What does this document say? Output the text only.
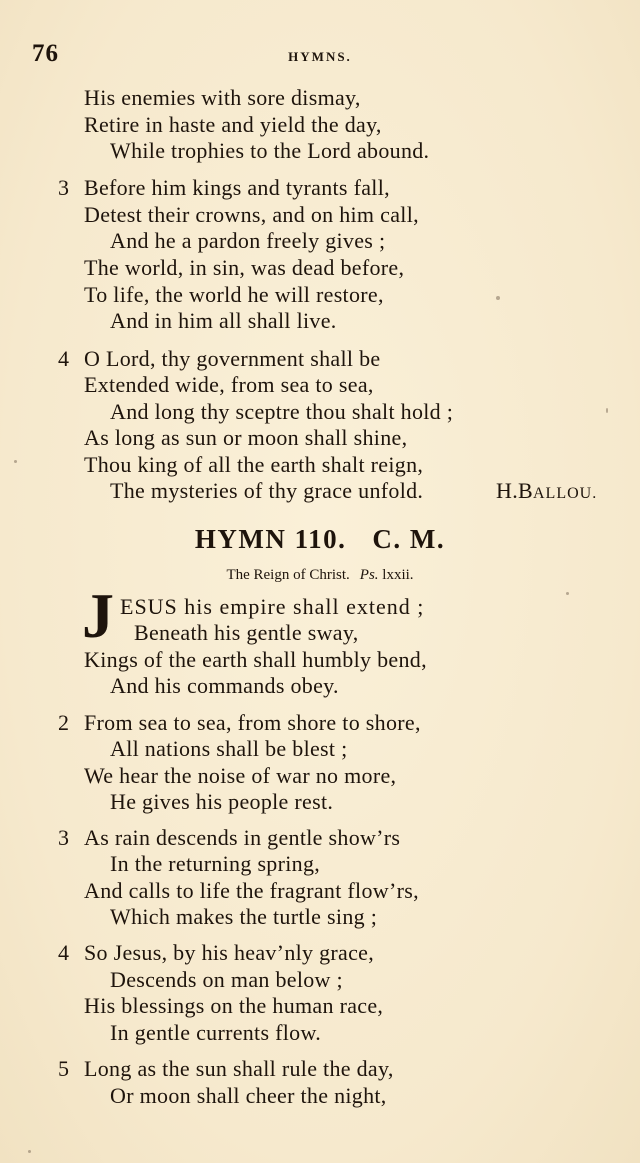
76	HYMNS.
His enemies with sore dismay,
Retire in haste and yield the day,
While trophies to the Lord abound.
3 Before him kings and tyrants fall,
Detest their crowns, and on him call,
And he a pardon freely gives ;
The world, in sin, was dead before,
To life, the world he will restore,
And in him all shall live.
4 O Lord, thy government shall be
Extended wide, from sea to sea,
And long thy sceptre thou shalt hold ;
As long as sun or moon shall shine,
Thou king of all the earth shalt reign,
The mysteries of thy grace unfold.	H.BALLOU.
HYMN 110. C. M.
The Reign of Christ. Ps. lxxii.
J ESUS his empire shall extend ;
Beneath his gentle sway,
Kings of the earth shall humbly bend,
And his commands obey.
2 From sea to sea, from shore to shore,
All nations shall be blest ;
We hear the noise of war no more,
He gives his people rest.
3 As rain descends in gentle show’rs
In the returning spring,
And calls to life the fragrant flow’rs,
Which makes the turtle sing ;
4 So Jesus, by his heav’nly grace,
Descends on man below ;
His blessings on the human race,
In gentle currents flow.
5 Long as the sun shall rule the day,
Or moon shall cheer the night,
